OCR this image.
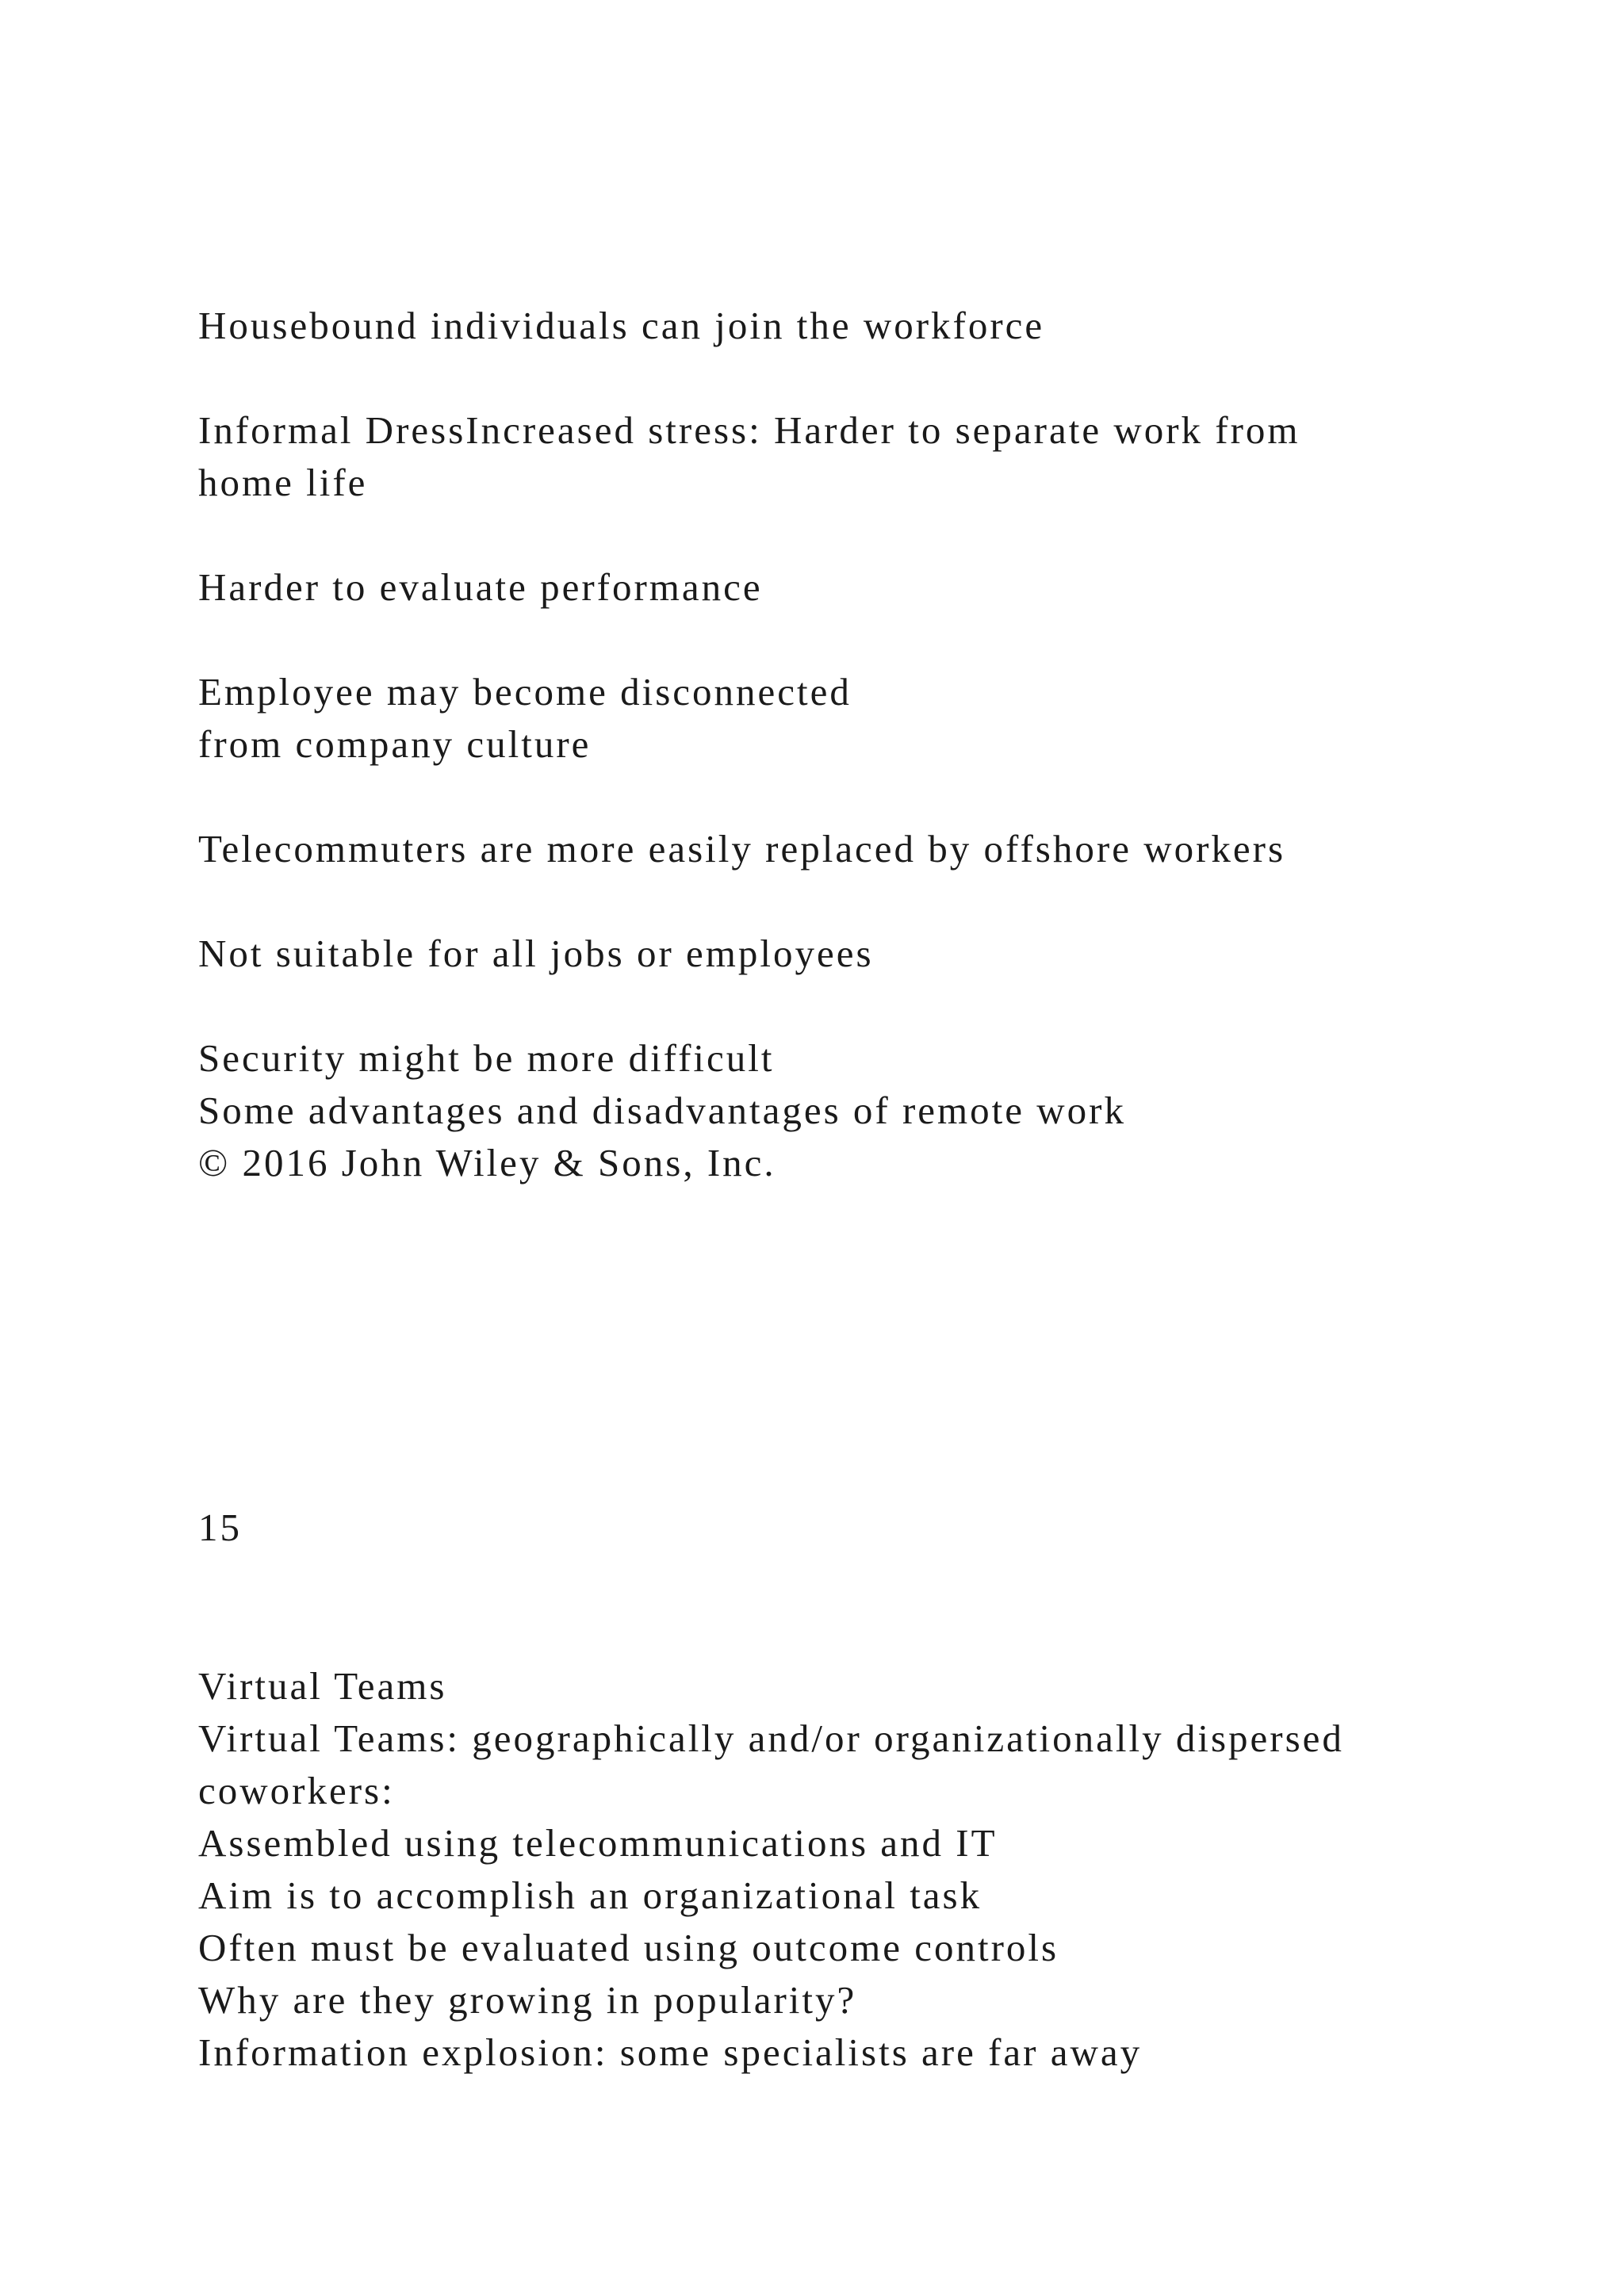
Housebound individuals can join the workforce

Informal DressIncreased stress: Harder to separate work from

home life

Harder to evaluate performance

Employee may become disconnected

from company culture

Telecommuters are more easily replaced by offshore workers

Not suitable for all jobs or employees

Security might be more difficult

Some advantages and disadvantages of remote work

© 2016 John Wiley & Sons, Inc.

15

Virtual Teams

Virtual Teams: geographically and/or organizationally dispersed

coworkers:

Assembled using telecommunications and IT

Aim is to accomplish an organizational task

Often must be evaluated using outcome controls

Why are they growing in popularity?

Information explosion: some specialists are far away
